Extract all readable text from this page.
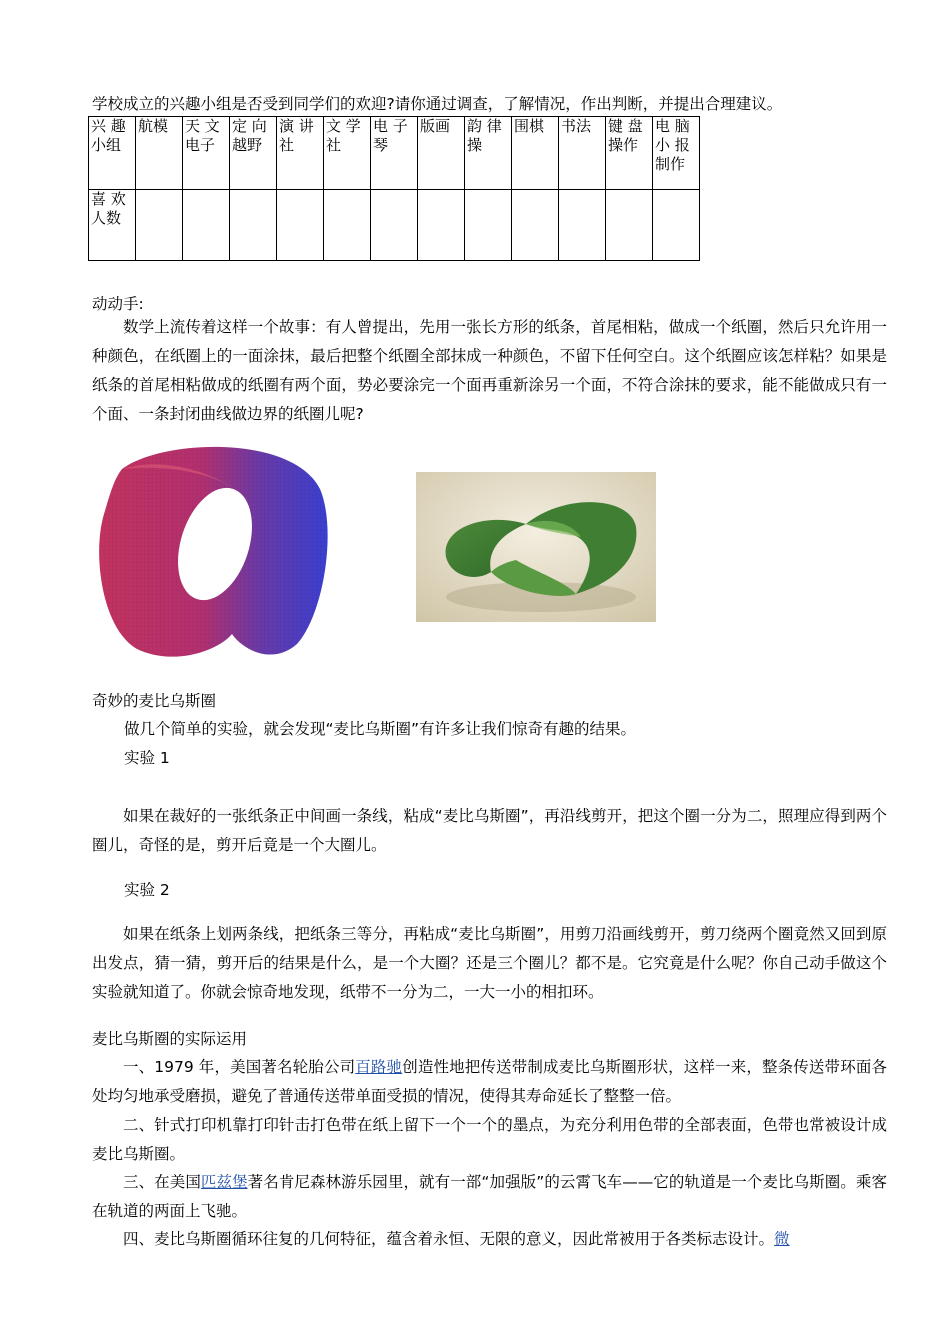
学校成立的兴趣小组是否受到同学们的欢迎?请你通过调查，了解情况，作出判断，并提出合理建议。
兴 趣小组	航模	天 文电子	定 向越野	演 讲社	文 学社	电 子琴	版画	韵 律操	围棋	书法	键 盘操作	电 脑小 报制作
喜 欢人数												
动动手:
数学上流传着这样一个故事：有人曾提出，先用一张长方形的纸条，首尾相粘，做成一个纸圈，然后只允许用一种颜色，在纸圈上的一面涂抹，最后把整个纸圈全部抹成一种颜色，不留下任何空白。这个纸圈应该怎样粘？如果是纸条的首尾相粘做成的纸圈有两个面，势必要涂完一个面再重新涂另一个面，不符合涂抹的要求，能不能做成只有一个面、一条封闭曲线做边界的纸圈儿呢?
奇妙的麦比乌斯圈
做几个简单的实验，就会发现“麦比乌斯圈”有许多让我们惊奇有趣的结果。
实验 1
如果在裁好的一张纸条正中间画一条线，粘成“麦比乌斯圈”，再沿线剪开，把这个圈一分为二，照理应得到两个圈儿，奇怪的是，剪开后竟是一个大圈儿。
实验 2
如果在纸条上划两条线，把纸条三等分，再粘成“麦比乌斯圈”，用剪刀沿画线剪开，剪刀绕两个圈竟然又回到原出发点，猜一猜，剪开后的结果是什么，是一个大圈？还是三个圈儿？都不是。它究竟是什么呢？你自己动手做这个实验就知道了。你就会惊奇地发现，纸带不一分为二，一大一小的相扣环。
麦比乌斯圈的实际运用
一、1979 年，美国著名轮胎公司百路驰创造性地把传送带制成麦比乌斯圈形状，这样一来，整条传送带环面各处均匀地承受磨损，避免了普通传送带单面受损的情况，使得其寿命延长了整整一倍。
二、针式打印机靠打印针击打色带在纸上留下一个一个的墨点，为充分利用色带的全部表面，色带也常被设计成麦比乌斯圈。
三、在美国匹兹堡著名肯尼森林游乐园里，就有一部“加强版”的云霄飞车——它的轨道是一个麦比乌斯圈。乘客在轨道的两面上飞驰。
四、麦比乌斯圈循环往复的几何特征，蕴含着永恒、无限的意义，因此常被用于各类标志设计。微
